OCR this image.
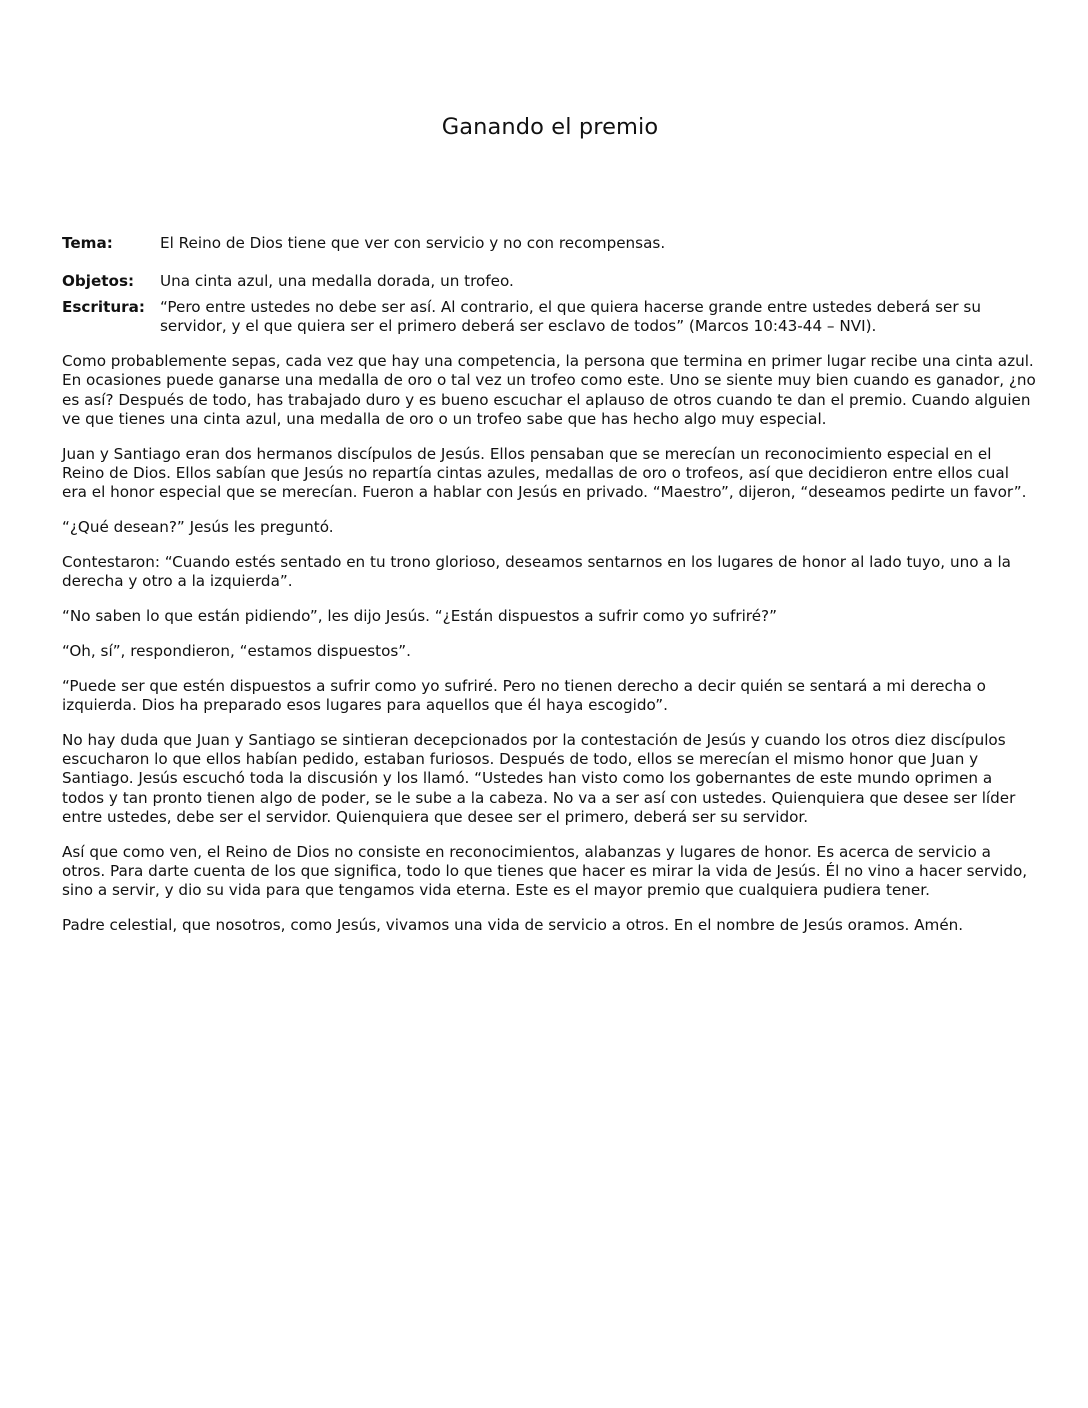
Ganando el premio
Tema:	El Reino de Dios tiene que ver con servicio y no con recompensas.
Objetos:	Una cinta azul, una medalla dorada, un trofeo.
Escritura: “Pero entre ustedes no debe ser así. Al contrario, el que quiera hacerse grande entre ustedes deberá ser su servidor, y el que quiera ser el primero deberá ser esclavo de todos” (Marcos 10:43-44 – NVI).

Como probablemente sepas, cada vez que hay una competencia, la persona que termina en primer lugar recibe una cinta azul. En ocasiones puede ganarse una medalla de oro o tal vez un trofeo como este. Uno se siente muy bien cuando es ganador, ¿no es así? Después de todo, has trabajado duro y es bueno escuchar el aplauso de otros cuando te dan el premio. Cuando alguien ve que tienes una cinta azul, una medalla de oro o un trofeo sabe que has hecho algo muy especial.

Juan y Santiago eran dos hermanos discípulos de Jesús. Ellos pensaban que se merecían un reconocimiento especial en el Reino de Dios. Ellos sabían que Jesús no repartía cintas azules, medallas de oro o trofeos, así que decidieron entre ellos cual era el honor especial que se merecían. Fueron a hablar con Jesús en privado. “Maestro”, dijeron, “deseamos pedirte un favor”.

“¿Qué desean?” Jesús les preguntó.

Contestaron: “Cuando estés sentado en tu trono glorioso, deseamos sentarnos en los lugares de honor al lado tuyo, uno a la derecha y otro a la izquierda”.

“No saben lo que están pidiendo”, les dijo Jesús. “¿Están dispuestos a sufrir como yo sufriré?”

“Oh, sí”, respondieron, “estamos dispuestos”.

“Puede ser que estén dispuestos a sufrir como yo sufriré. Pero no tienen derecho a decir quién se sentará a mi derecha o izquierda. Dios ha preparado esos lugares para aquellos que él haya escogido”.

No hay duda que Juan y Santiago se sintieran decepcionados por la contestación de Jesús y cuando los otros diez discípulos escucharon lo que ellos habían pedido, estaban furiosos. Después de todo, ellos se merecían el mismo honor que Juan y Santiago. Jesús escuchó toda la discusión y los llamó. “Ustedes han visto como los gobernantes de este mundo oprimen a todos y tan pronto tienen algo de poder, se le sube a la cabeza. No va a ser así con ustedes. Quienquiera que desee ser líder entre ustedes, debe ser el servidor. Quienquiera que desee ser el primero, deberá ser su servidor.

Así que como ven, el Reino de Dios no consiste en reconocimientos, alabanzas y lugares de honor. Es acerca de servicio a otros. Para darte cuenta de los que significa, todo lo que tienes que hacer es mirar la vida de Jesús. Él no vino a hacer servido, sino a servir, y dio su vida para que tengamos vida eterna. Este es el mayor premio que cualquiera pudiera tener.

Padre celestial, que nosotros, como Jesús, vivamos una vida de servicio a otros. En el nombre de Jesús oramos. Amén.
